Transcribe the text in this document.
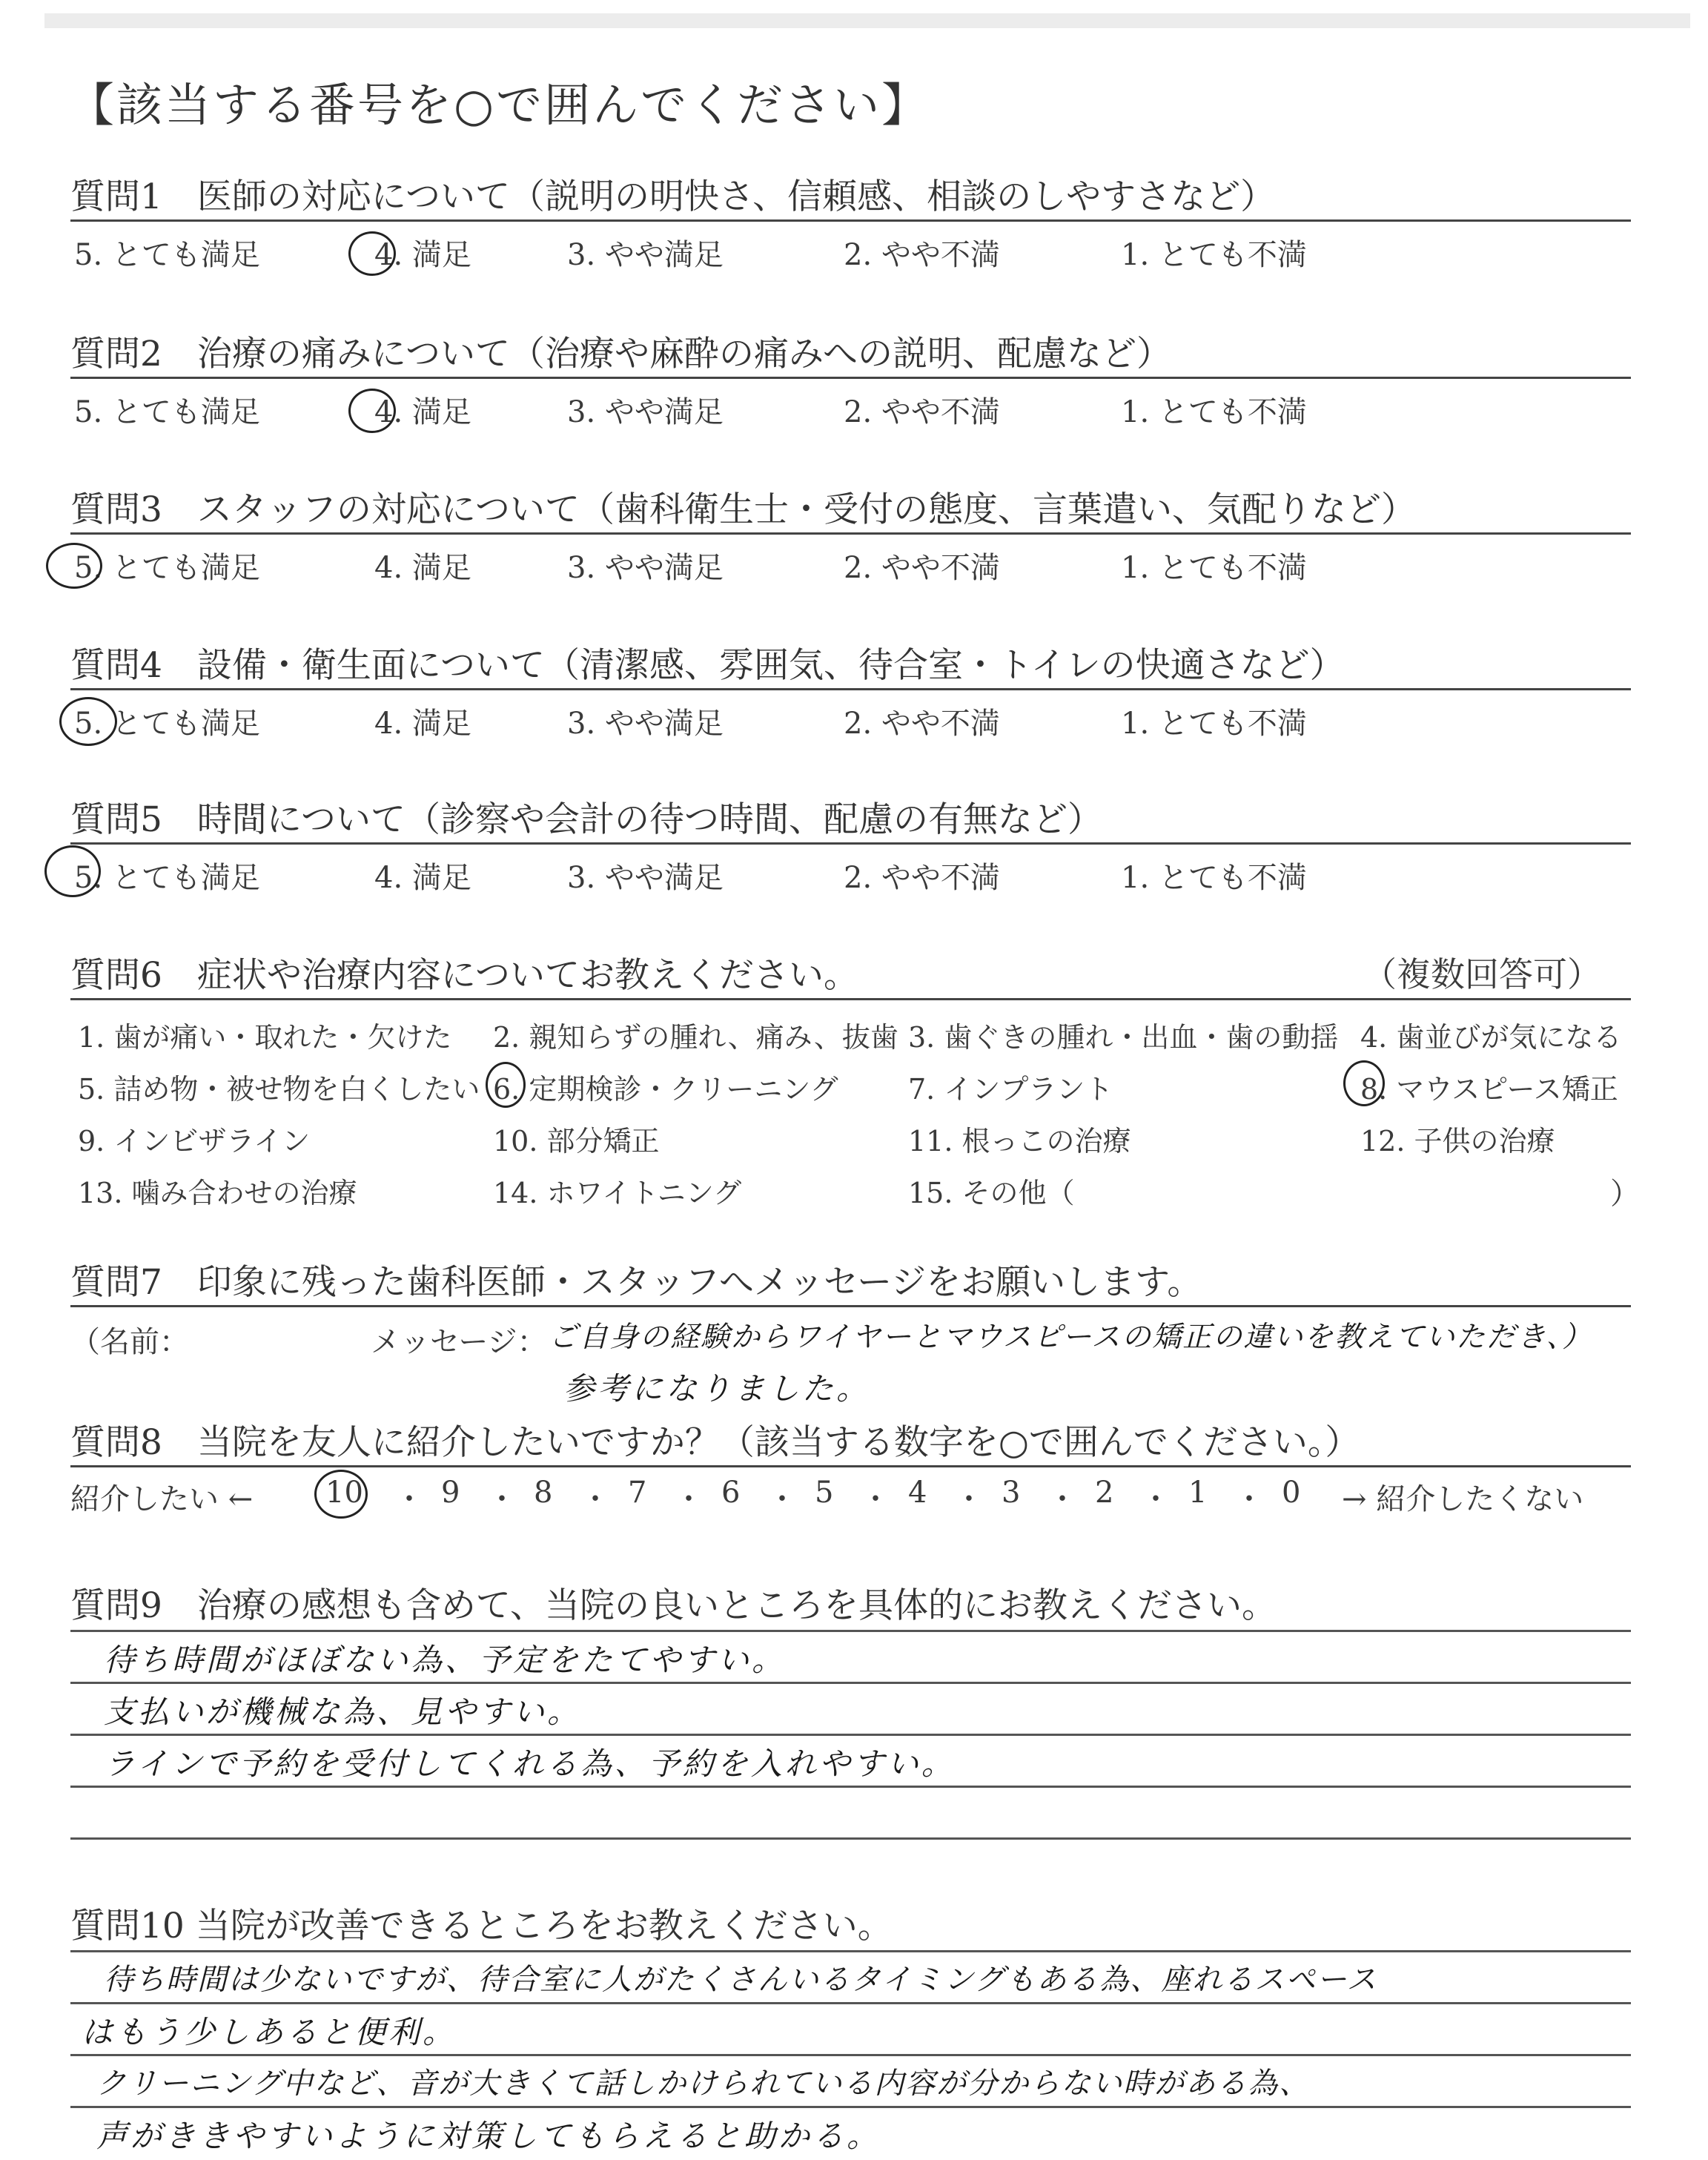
【該当する番号を○で囲んでください】
質問1　医師の対応について（説明の明快さ、信頼感、相談のしやすさなど）
5. とても満足	4. 満足	3. やや満足	2. やや不満	1. とても不満
質問2　治療の痛みについて（治療や麻酔の痛みへの説明、配慮など）
5. とても満足	4. 満足	3. やや満足	2. やや不満	1. とても不満
質問3　スタッフの対応について（歯科衛生士・受付の態度、言葉遣い、気配りなど）
5. とても満足	4. 満足	3. やや満足	2. やや不満	1. とても不満
質問4　設備・衛生面について（清潔感、雰囲気、待合室・トイレの快適さなど）
5. とても満足	4. 満足	3. やや満足	2. やや不満	1. とても不満
質問5　時間について（診察や会計の待つ時間、配慮の有無など）
5. とても満足	4. 満足	3. やや満足	2. やや不満	1. とても不満
質問6　症状や治療内容についてお教えください。	（複数回答可）
1. 歯が痛い・取れた・欠けた 2. 親知らずの腫れ、痛み、抜歯 3. 歯ぐきの腫れ・出血・歯の動揺 4. 歯並びが気になる
5. 詰め物・被せ物を白くしたい 6. 定期検診・クリーニング 7. インプラント	8. マウスピース矯正
9. インビザライン	10. 部分矯正	11. 根っこの治療	12. 子供の治療
13. 噛み合わせの治療	14. ホワイトニング	15. その他（	）
質問7　印象に残った歯科医師・スタッフへメッセージをお願いします。
（名前：	メッセージ： ご自身の経験からワイヤーとマウスピースの矯正の違いを教えていただき、）
参考になりました。
質問8　当院を友人に紹介したいですか？（該当する数字を○で囲んでください。）
紹介したい ← 10 ・ 9 ・ 8 ・ 7 ・ 6 ・ 5 ・ 4 ・ 3 ・ 2 ・ 1 ・ 0 → 紹介したくない
質問9　治療の感想も含めて、当院の良いところを具体的にお教えください。
待ち時間がほぼない為、予定をたてやすい。
支払いが機械な為、見やすい。
ラインで予約を受付してくれる為、予約を入れやすい。
質問10 当院が改善できるところをお教えください。
待ち時間は少ないですが、待合室に人がたくさんいるタイミングもある為、座れるスペース
はもう少しあると便利。
クリーニング中など、音が大きくて話しかけられている内容が分からない時がある為、
声がききやすいように対策してもらえると助かる。
